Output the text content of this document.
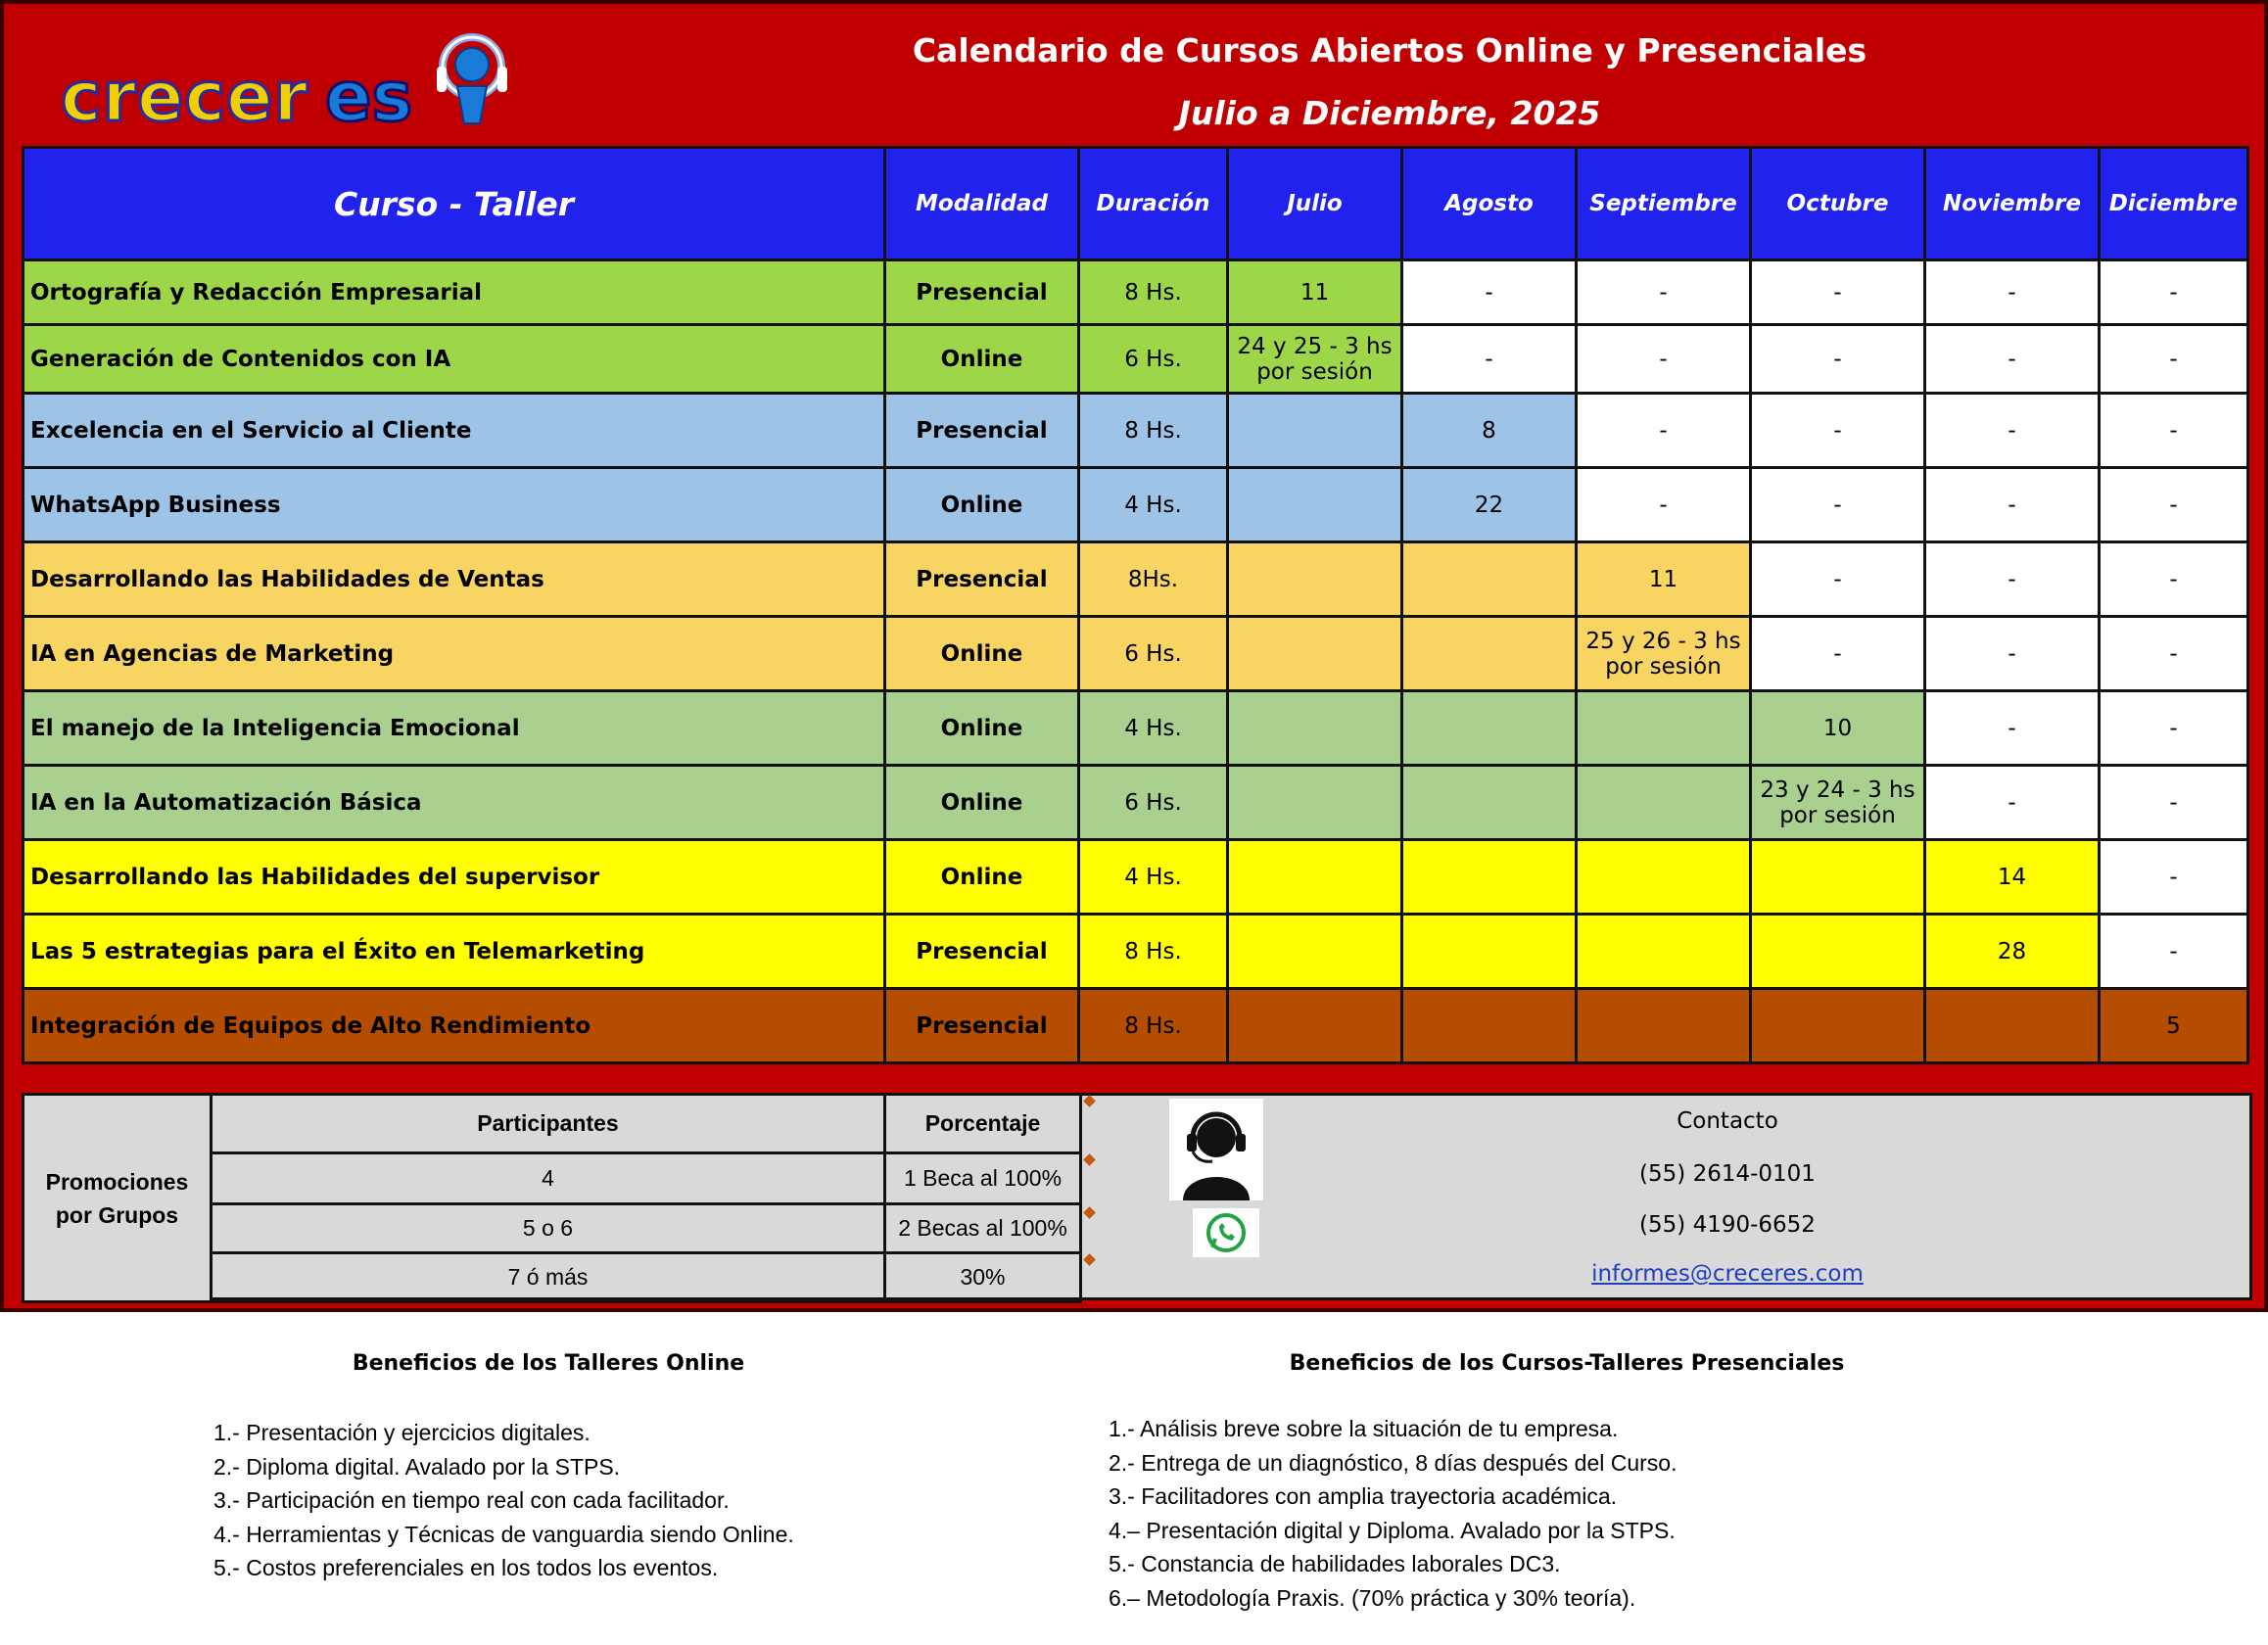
crecer es
Calendario de Cursos Abiertos Online y Presenciales
Julio a Diciembre, 2025
Curso - Taller	Modalidad	Duración	Julio	Agosto	Septiembre	Octubre	Noviembre	Diciembre
Ortografía y Redacción Empresarial	Presencial	8 Hs.	11	-	-	-	-	-
Generación de Contenidos con IA	Online	6 Hs.	24 y 25 - 3 hs por sesión	-	-	-	-	-
Excelencia en el Servicio al Cliente	Presencial	8 Hs.		8	-	-	-	-
WhatsApp Business	Online	4 Hs.		22	-	-	-	-
Desarrollando las Habilidades de Ventas	Presencial	8Hs.			11	-	-	-
IA en Agencias de Marketing	Online	6 Hs.			25 y 26 - 3 hs por sesión	-	-	-
El manejo de la Inteligencia Emocional	Online	4 Hs.				10	-	-
IA en la Automatización Básica	Online	6 Hs.				23 y 24 - 3 hs por sesión	-	-
Desarrollando las Habilidades del supervisor	Online	4 Hs.					14	-
Las 5 estrategias para el Éxito en Telemarketing	Presencial	8 Hs.					28	-
Integración de Equipos de Alto Rendimiento	Presencial	8 Hs.						5
Promociones por Grupos	Participantes	Porcentaje
	4	1 Beca al 100%
	5 o 6	2 Becas al 100%
	7 ó más	30%
Contacto
(55) 2614-0101
(55) 4190-6652
informes@creceres.com
Beneficios de los Talleres Online
1.- Presentación y ejercicios digitales.
2.- Diploma digital. Avalado por la STPS.
3.- Participación en tiempo real con cada facilitador.
4.- Herramientas y Técnicas de vanguardia siendo Online.
5.- Costos preferenciales en los todos los eventos.
Beneficios de los Cursos-Talleres Presenciales
1.- Análisis breve sobre la situación de tu empresa.
2.- Entrega de un diagnóstico, 8 días después del Curso.
3.- Facilitadores con amplia trayectoria académica.
4.– Presentación digital y Diploma. Avalado por la STPS.
5.- Constancia de habilidades laborales DC3.
6.– Metodología Praxis. (70% práctica y 30% teoría).
